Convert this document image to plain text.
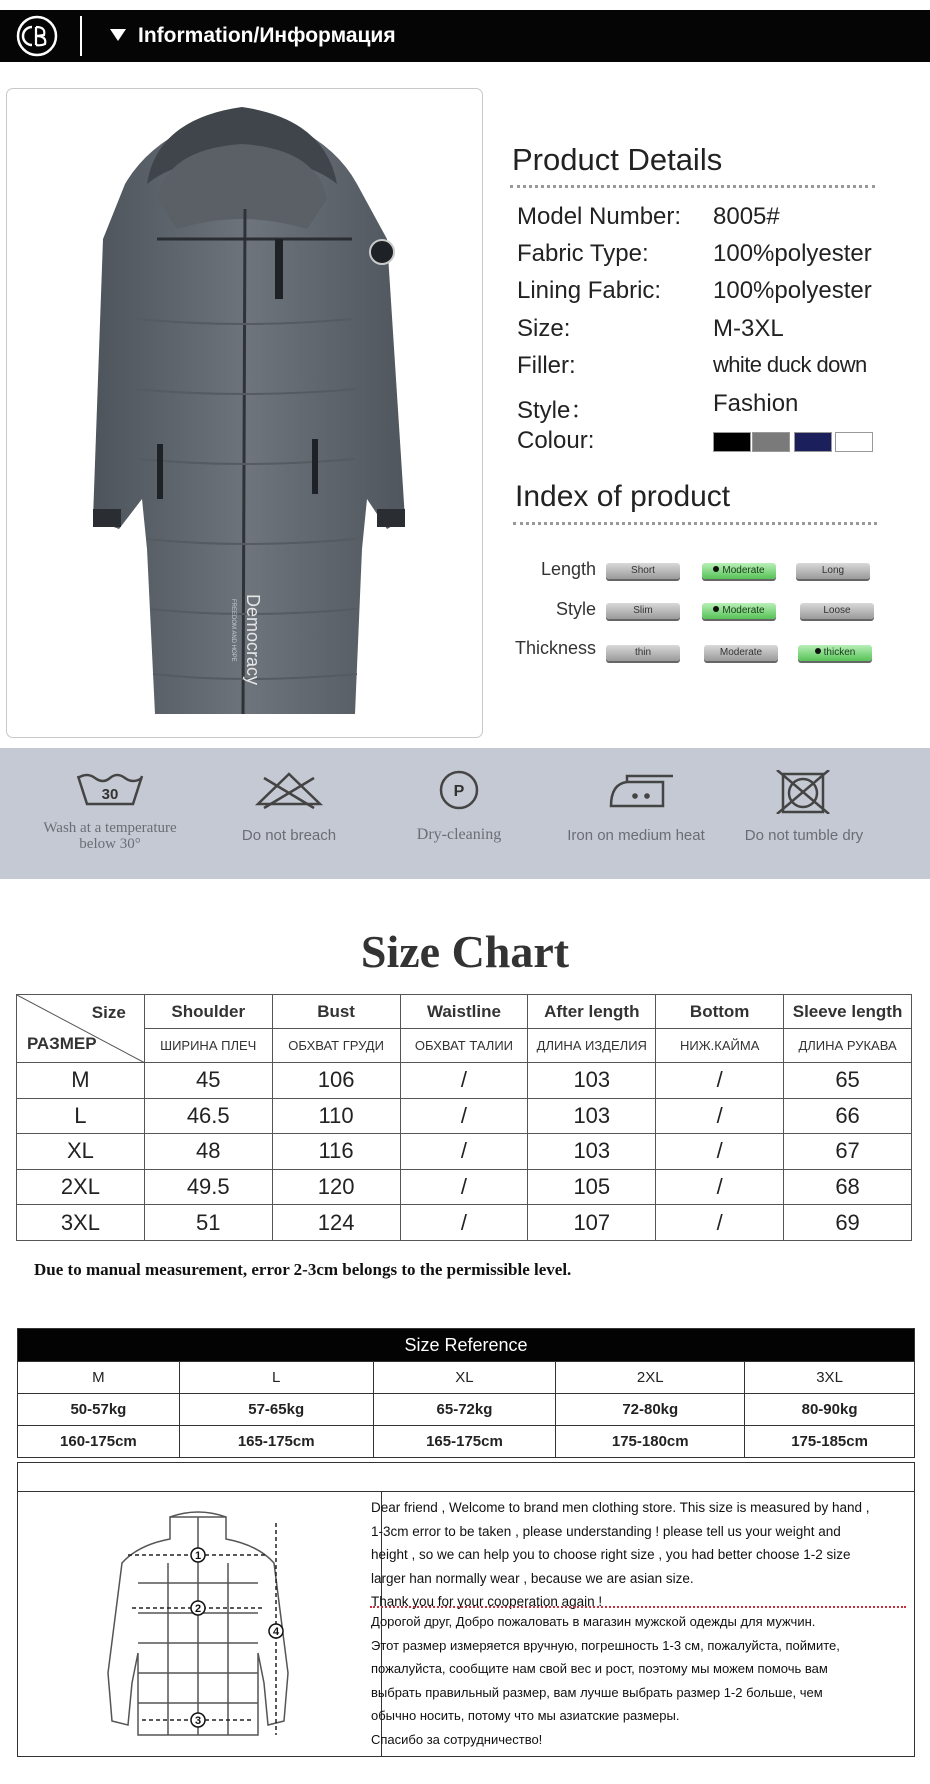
Information/Информация
Democracy
FREEDOM AND HOPE
Product Details
Model Number: 8005#
Fabric Type:	100%polyester
Lining Fabric: 100%polyester
Size:	M-3XL
Filler:	white duck down
Style：	Fashion
Colour:
Index of product
Length	Short	Moderate	Long
Style	Slim	Moderate	Loose
Thickness	thin	Moderate	thicken
30
Wash at a temperature below 30°	Do not breach
P
Dry-cleaning	Iron on medium heat	Do not tumble dry
Size Chart
Size
РАЗМЕР	Shoulder	Bust	Waistline	After length	Bottom	Sleeve length
	ШИРИНА ПЛЕЧ	ОБХВАТ ГРУДИ	ОБХВАТ ТАЛИИ	ДЛИНА ИЗДЕЛИЯ	НИЖ.КАЙМА	ДЛИНА РУКАВА
M	45	106	/	103	/	65
L	46.5	110	/	103	/	66
XL	48	116	/	103	/	67
2XL	49.5	120	/	105	/	68
3XL	51	124	/	107	/	69
Due to manual measurement, error 2-3cm belongs to the permissible level.
Size Reference				
M	L	XL	2XL	3XL
50-57kg	57-65kg	65-72kg	72-80kg	80-90kg
160-175cm	165-175cm	165-175cm	175-180cm	175-185cm
1
2
3
4
Dear friend , Welcome to brand men clothing store. This size is measured by hand ,
1-3cm error to be taken , please understanding ! please tell us your weight and
height , so we can help you to choose right size , you had better choose 1-2 size
larger han normally wear , because we are asian size.
Thank you for your cooperation again !
Дорогой друг, Добро пожаловать в магазин мужской одежды для мужчин.
Этот размер измеряется вручную, погрешность 1-3 см, пожалуйста, поймите,
пожалуйста, сообщите нам свой вес и рост, поэтому мы можем помочь вам
выбрать правильный размер, вам лучше выбрать размер 1-2 больше, чем
обычно носить, потому что мы азиатские размеры.
Спасибо за сотрудничество!
